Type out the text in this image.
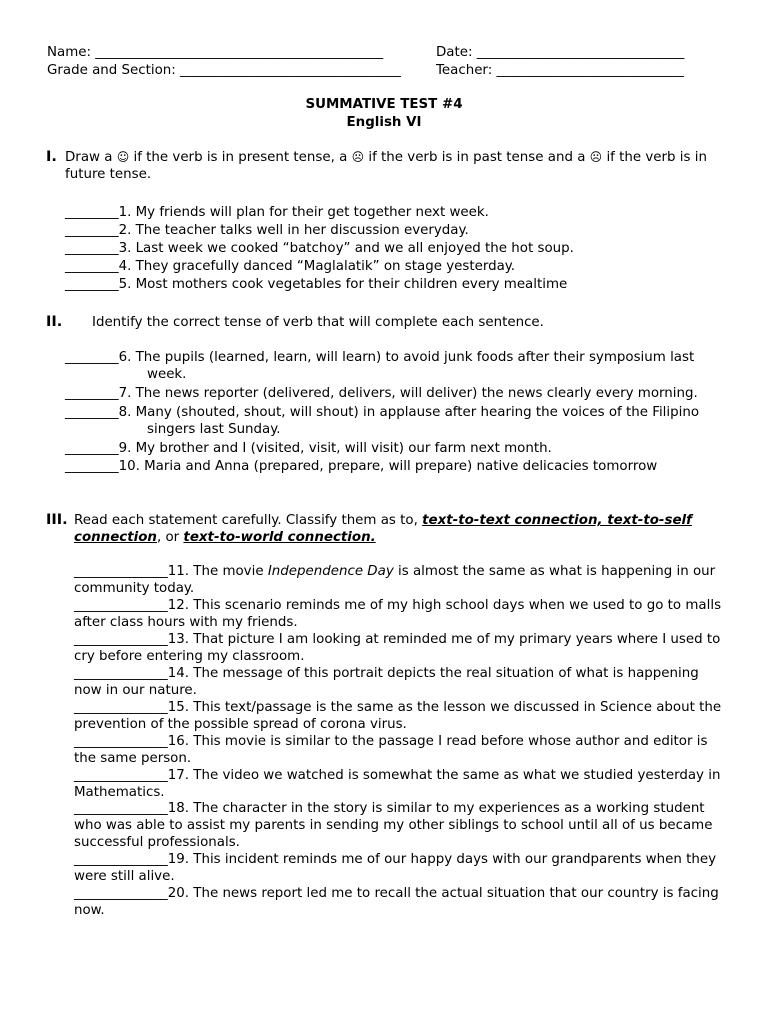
Name: ___________________________________________	Date: _______________________________
Grade and Section: _________________________________	Teacher: ____________________________
SUMMATIVE TEST #4
English VI
I. Draw a ☺ if the verb is in present tense, a ☹ if the verb is in past tense and a ☹ if the verb is in
future tense.
________1. My friends will plan for their get together next week.
________2. The teacher talks well in her discussion everyday.
________3. Last week we cooked “batchoy” and we all enjoyed the hot soup.
________4. They gracefully danced “Maglalatik” on stage yesterday.
________5. Most mothers cook vegetables for their children every mealtime
II. Identify the correct tense of verb that will complete each sentence.
________6. The pupils (learned, learn, will learn) to avoid junk foods after their symposium last
week.
________7. The news reporter (delivered, delivers, will deliver) the news clearly every morning.
________8. Many (shouted, shout, will shout) in applause after hearing the voices of the Filipino
singers last Sunday.
________9. My brother and I (visited, visit, will visit) our farm next month.
________10. Maria and Anna (prepared, prepare, will prepare) native delicacies tomorrow
III. Read each statement carefully. Classify them as to, text-to-text connection, text-to-self connection, or text-to-world connection.
______________11. The movie Independence Day is almost the same as what is happening in our community today.
______________12. This scenario reminds me of my high school days when we used to go to malls after class hours with my friends.
______________13. That picture I am looking at reminded me of my primary years where I used to cry before entering my classroom.
______________14. The message of this portrait depicts the real situation of what is happening now in our nature.
______________15. This text/passage is the same as the lesson we discussed in Science about the prevention of the possible spread of corona virus.
______________16. This movie is similar to the passage I read before whose author and editor is the same person.
______________17. The video we watched is somewhat the same as what we studied yesterday in Mathematics.
______________18. The character in the story is similar to my experiences as a working student who was able to assist my parents in sending my other siblings to school until all of us became successful professionals.
______________19. This incident reminds me of our happy days with our grandparents when they were still alive.
______________20. The news report led me to recall the actual situation that our country is facing now.
